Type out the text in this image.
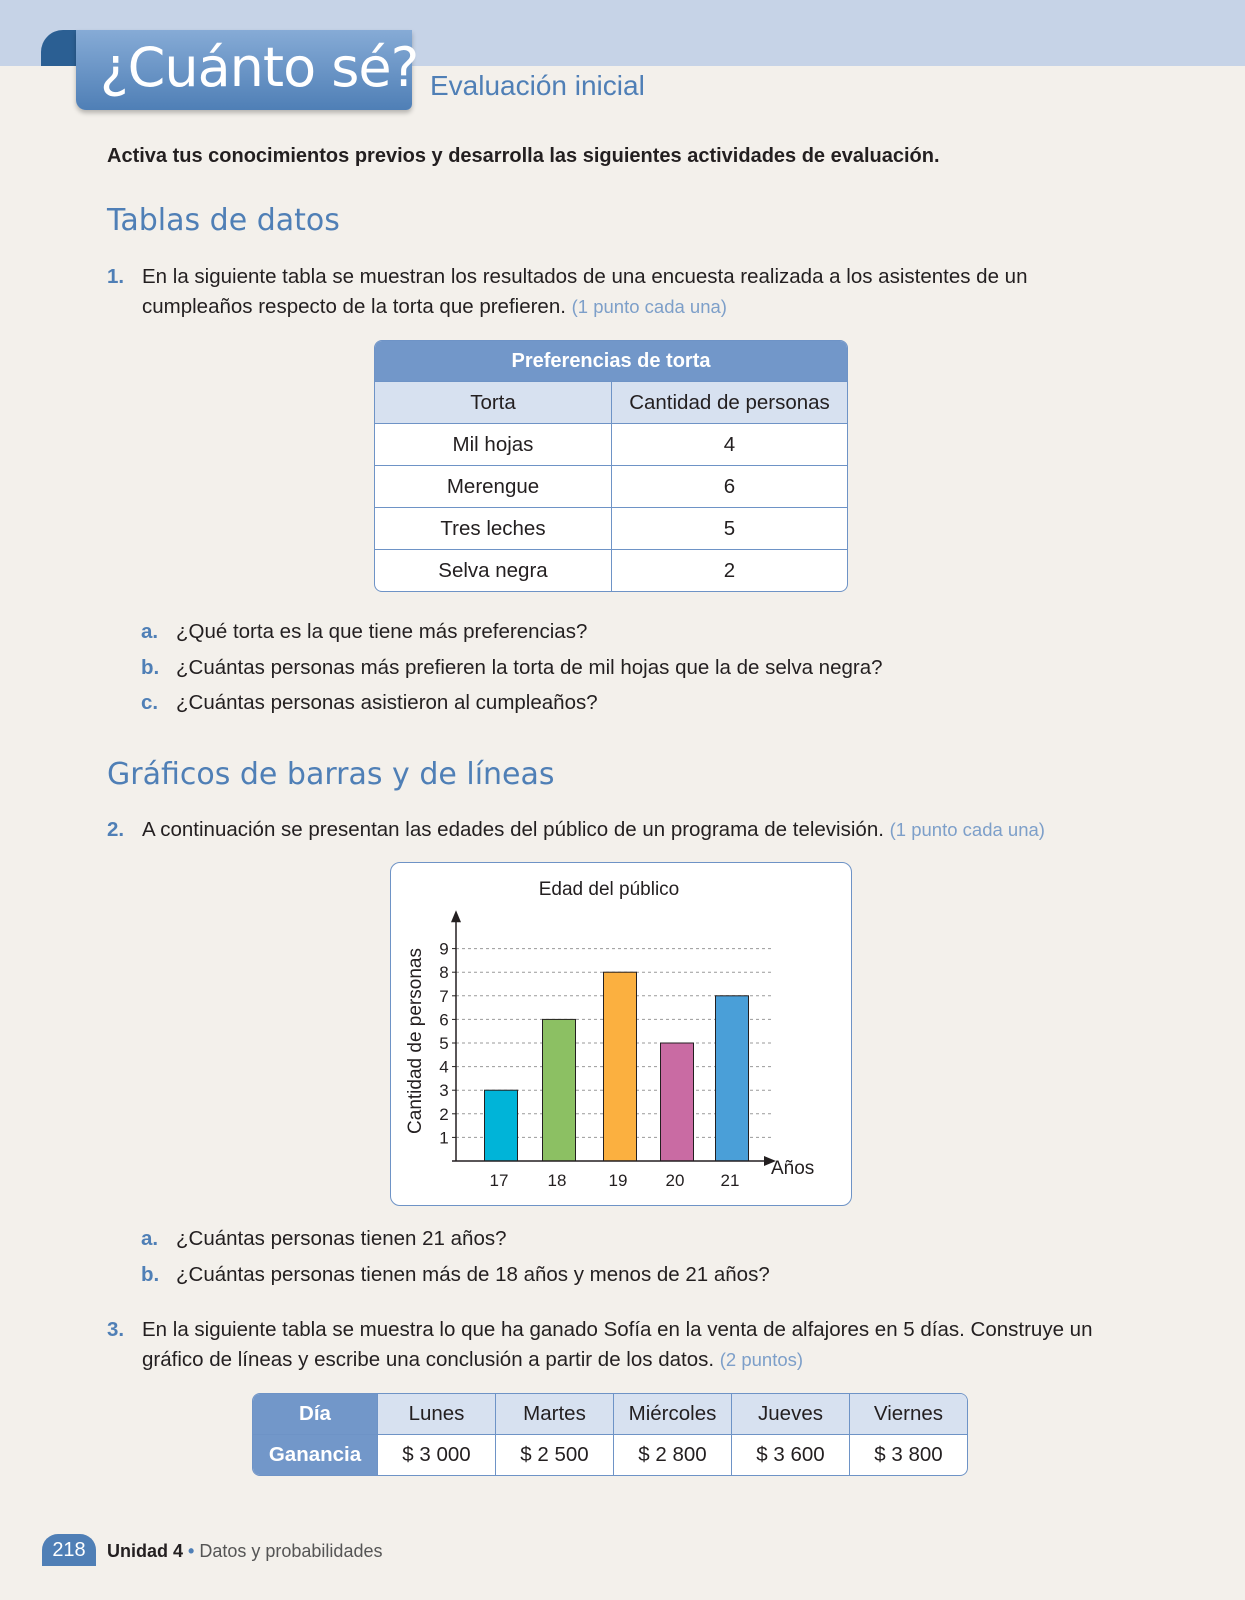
¿Cuánto sé? Evaluación inicial
Activa tus conocimientos previos y desarrolla las siguientes actividades de evaluación.
Tablas de datos
1. En la siguiente tabla se muestran los resultados de una encuesta realizada a los asistentes de un cumpleaños respecto de la torta que prefieren. (1 punto cada una)
Preferencias de torta
Torta	Cantidad de personas
Mil hojas	4
Merengue	6
Tres leches	5
Selva negra	2
a. ¿Qué torta es la que tiene más preferencias?
b. ¿Cuántas personas más prefieren la torta de mil hojas que la de selva negra?
c. ¿Cuántas personas asistieron al cumpleaños?
Gráficos de barras y de líneas
2. A continuación se presentan las edades del público de un programa de televisión. (1 punto cada una)
Edad del público
1
2
3
4
5
6
7
8
9
17 18 19 20 21
Años
Cantidad de personas
a. ¿Cuántas personas tienen 21 años?
b. ¿Cuántas personas tienen más de 18 años y menos de 21 años?
3. En la siguiente tabla se muestra lo que ha ganado Sofía en la venta de alfajores en 5 días. Construye un gráfico de líneas y escribe una conclusión a partir de los datos. (2 puntos)
Día	Lunes	Martes	Miércoles	Jueves	Viernes
Ganancia	$ 3 000	$ 2 500	$ 2 800	$ 3 600	$ 3 800
218	Unidad 4 • Datos y probabilidades
